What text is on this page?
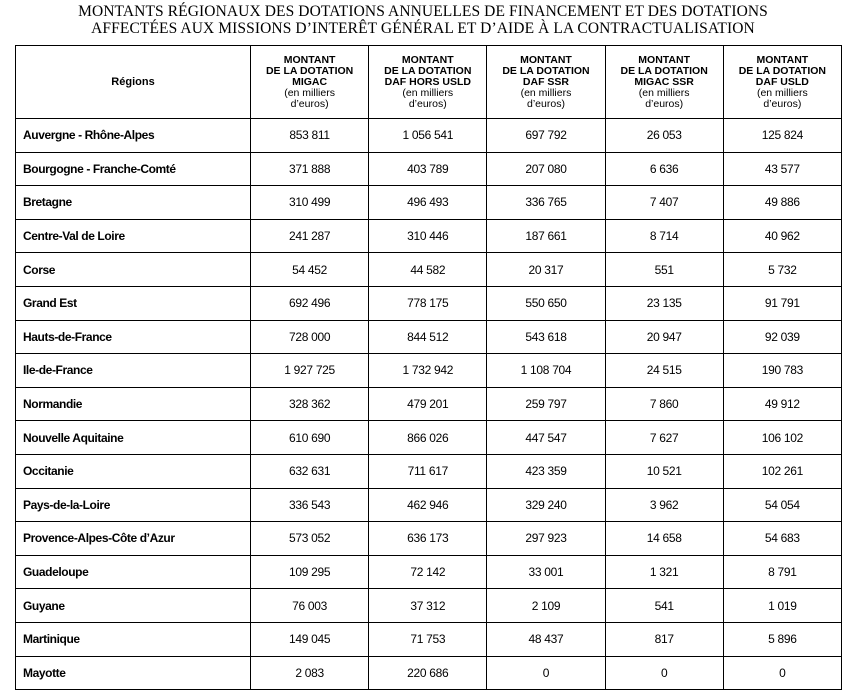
MONTANTS RÉGIONAUX DES DOTATIONS ANNUELLES DE FINANCEMENT ET DES DOTATIONS
AFFECTÉES AUX MISSIONS D’INTERÊT GÉNÉRAL ET D’AIDE À LA CONTRACTUALISATION
Régions	MONTANT
DE LA DOTATION
MIGAC
(en milliers
d’euros)	MONTANT
DE LA DOTATION
DAF HORS USLD
(en milliers
d’euros)	MONTANT
DE LA DOTATION
DAF SSR
(en milliers
d’euros)	MONTANT
DE LA DOTATION
MIGAC SSR
(en milliers
d’euros)	MONTANT
DE LA DOTATION
DAF USLD
(en milliers
d’euros)

Auvergne - Rhône-Alpes	853 811	1 056 541	697 792	26 053	125 824
Bourgogne - Franche-Comté	371 888	403 789	207 080	6 636	43 577
Bretagne	310 499	496 493	336 765	7 407	49 886
Centre-Val de Loire	241 287	310 446	187 661	8 714	40 962
Corse	54 452	44 582	20 317	551	5 732
Grand Est	692 496	778 175	550 650	23 135	91 791
Hauts-de-France	728 000	844 512	543 618	20 947	92 039
Ile-de-France	1 927 725	1 732 942	1 108 704	24 515	190 783
Normandie	328 362	479 201	259 797	7 860	49 912
Nouvelle Aquitaine	610 690	866 026	447 547	7 627	106 102
Occitanie	632 631	711 617	423 359	10 521	102 261
Pays-de-la-Loire	336 543	462 946	329 240	3 962	54 054
Provence-Alpes-Côte d’Azur	573 052	636 173	297 923	14 658	54 683
Guadeloupe	109 295	72 142	33 001	1 321	8 791
Guyane	76 003	37 312	2 109	541	1 019
Martinique	149 045	71 753	48 437	817	5 896
Mayotte	2 083	220 686	0	0	0
